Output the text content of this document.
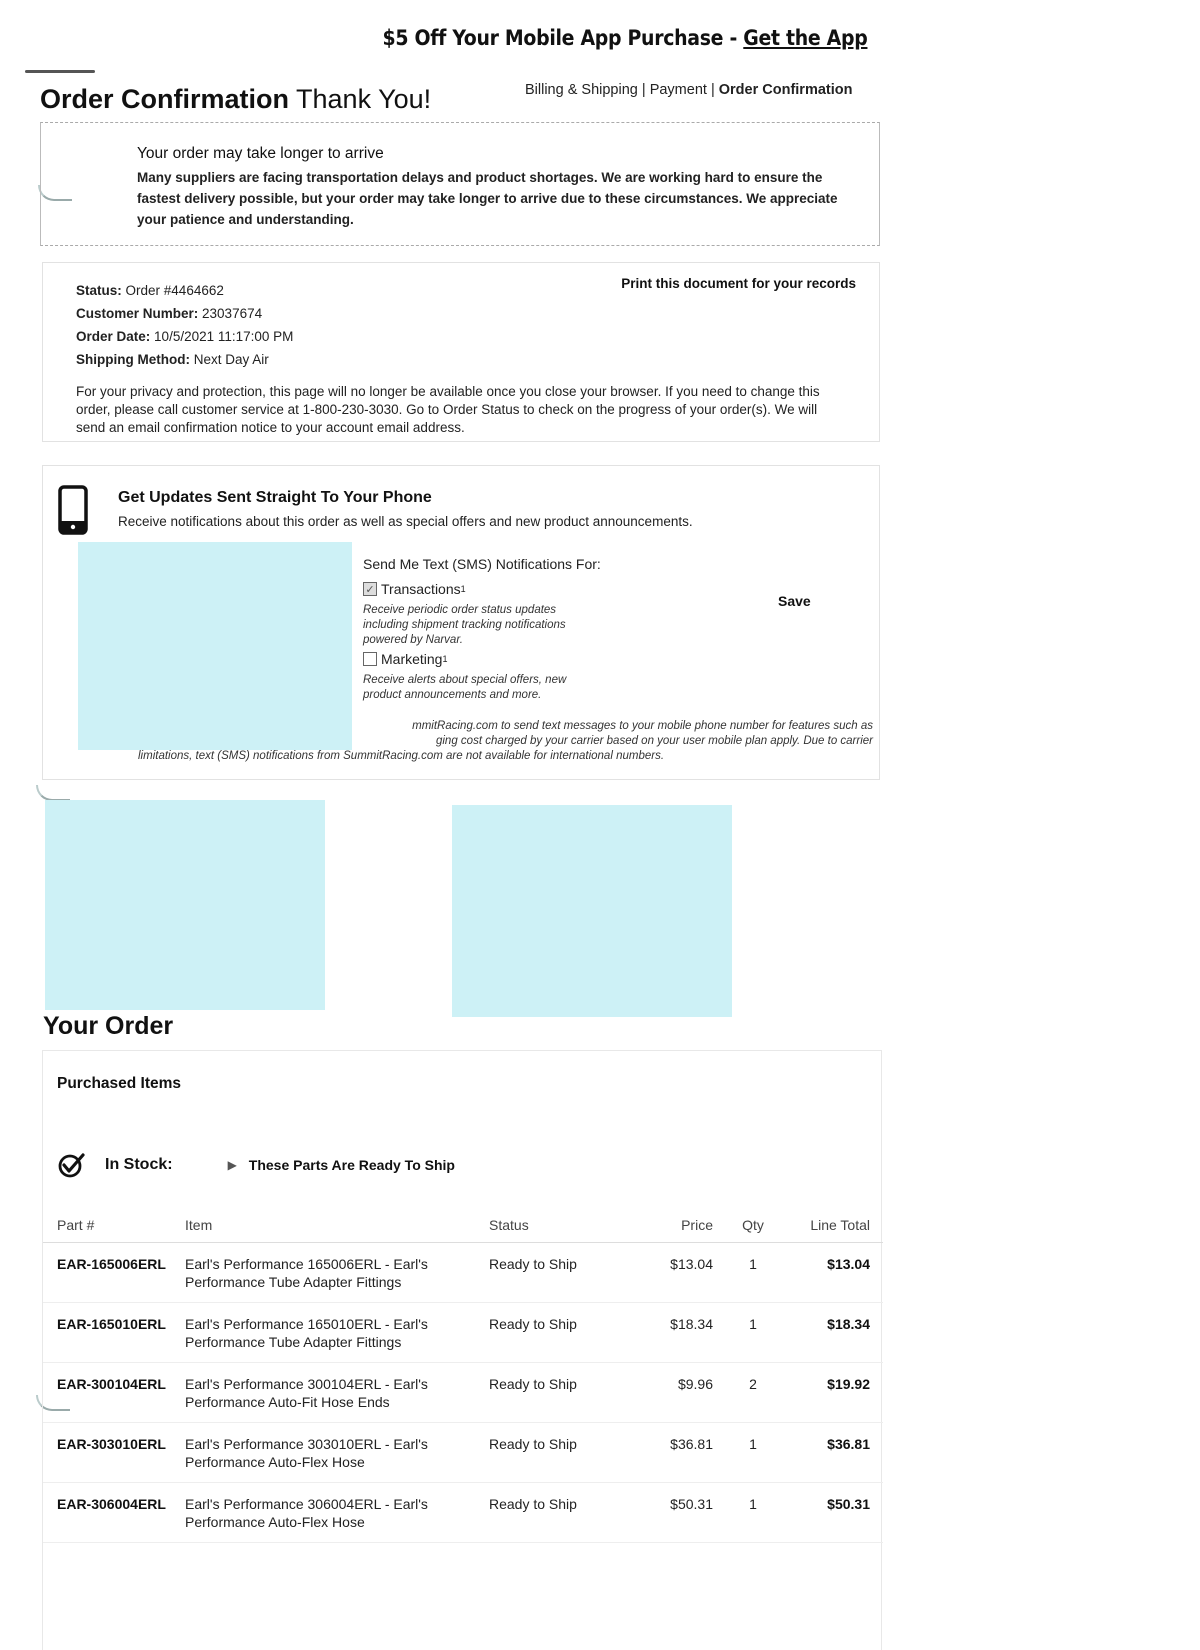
$5 Off Your Mobile App Purchase - Get the App
Order Confirmation Thank You!	Billing & Shipping | Payment | Order Confirmation
Your order may take longer to arrive

Many suppliers are facing transportation delays and product shortages. We are working hard to ensure the fastest delivery possible, but your order may take longer to arrive due to these circumstances. We appreciate your patience and understanding.

Status: Order #4464662
Customer Number: 23037674
Order Date: 10/5/2021 11:17:00 PM
Shipping Method: Next Day Air
Print this document for your records

For your privacy and protection, this page will no longer be available once you close your browser. If you need to change this order, please call customer service at 1-800-230-3030. Go to Order Status to check on the progress of your order(s). We will send an email confirmation notice to your account email address.

Get Updates Sent Straight To Your Phone
Receive notifications about this order as well as special offers and new product announcements.
Send Me Text (SMS) Notifications For:
✓ Transactions 1
Receive periodic order status updates including shipment tracking notifications powered by Narvar.
Marketing 1
Receive alerts about special offers, new product announcements and more.
Save
mmitRacing.com to send text messages to your mobile phone number for features such as
ging cost charged by your carrier based on your user mobile plan apply. Due to carrier
limitations, text (SMS) notifications from SummitRacing.com are not available for international numbers.
Your Order
Purchased Items
In Stock:	▶ These Parts Are Ready To Ship
Part #	Item	Status	Price Qty	Line Total
EAR-165006ERL Earl's Performance 165006ERL - Earl's
Performance Tube Adapter Fittings
Ready to Ship	$13.04	1	$13.04
EAR-165010ERL Earl's Performance 165010ERL - Earl's
Performance Tube Adapter Fittings
Ready to Ship	$18.34	1	$18.34
EAR-300104ERL Earl's Performance 300104ERL - Earl's
Performance Auto-Fit Hose Ends
Ready to Ship	$9.96	2	$19.92
EAR-303010ERL Earl's Performance 303010ERL - Earl's
Performance Auto-Flex Hose
Ready to Ship	$36.81	1	$36.81
EAR-306004ERL Earl's Performance 306004ERL - Earl's
Performance Auto-Flex Hose
Ready to Ship	$50.31	1	$50.31
